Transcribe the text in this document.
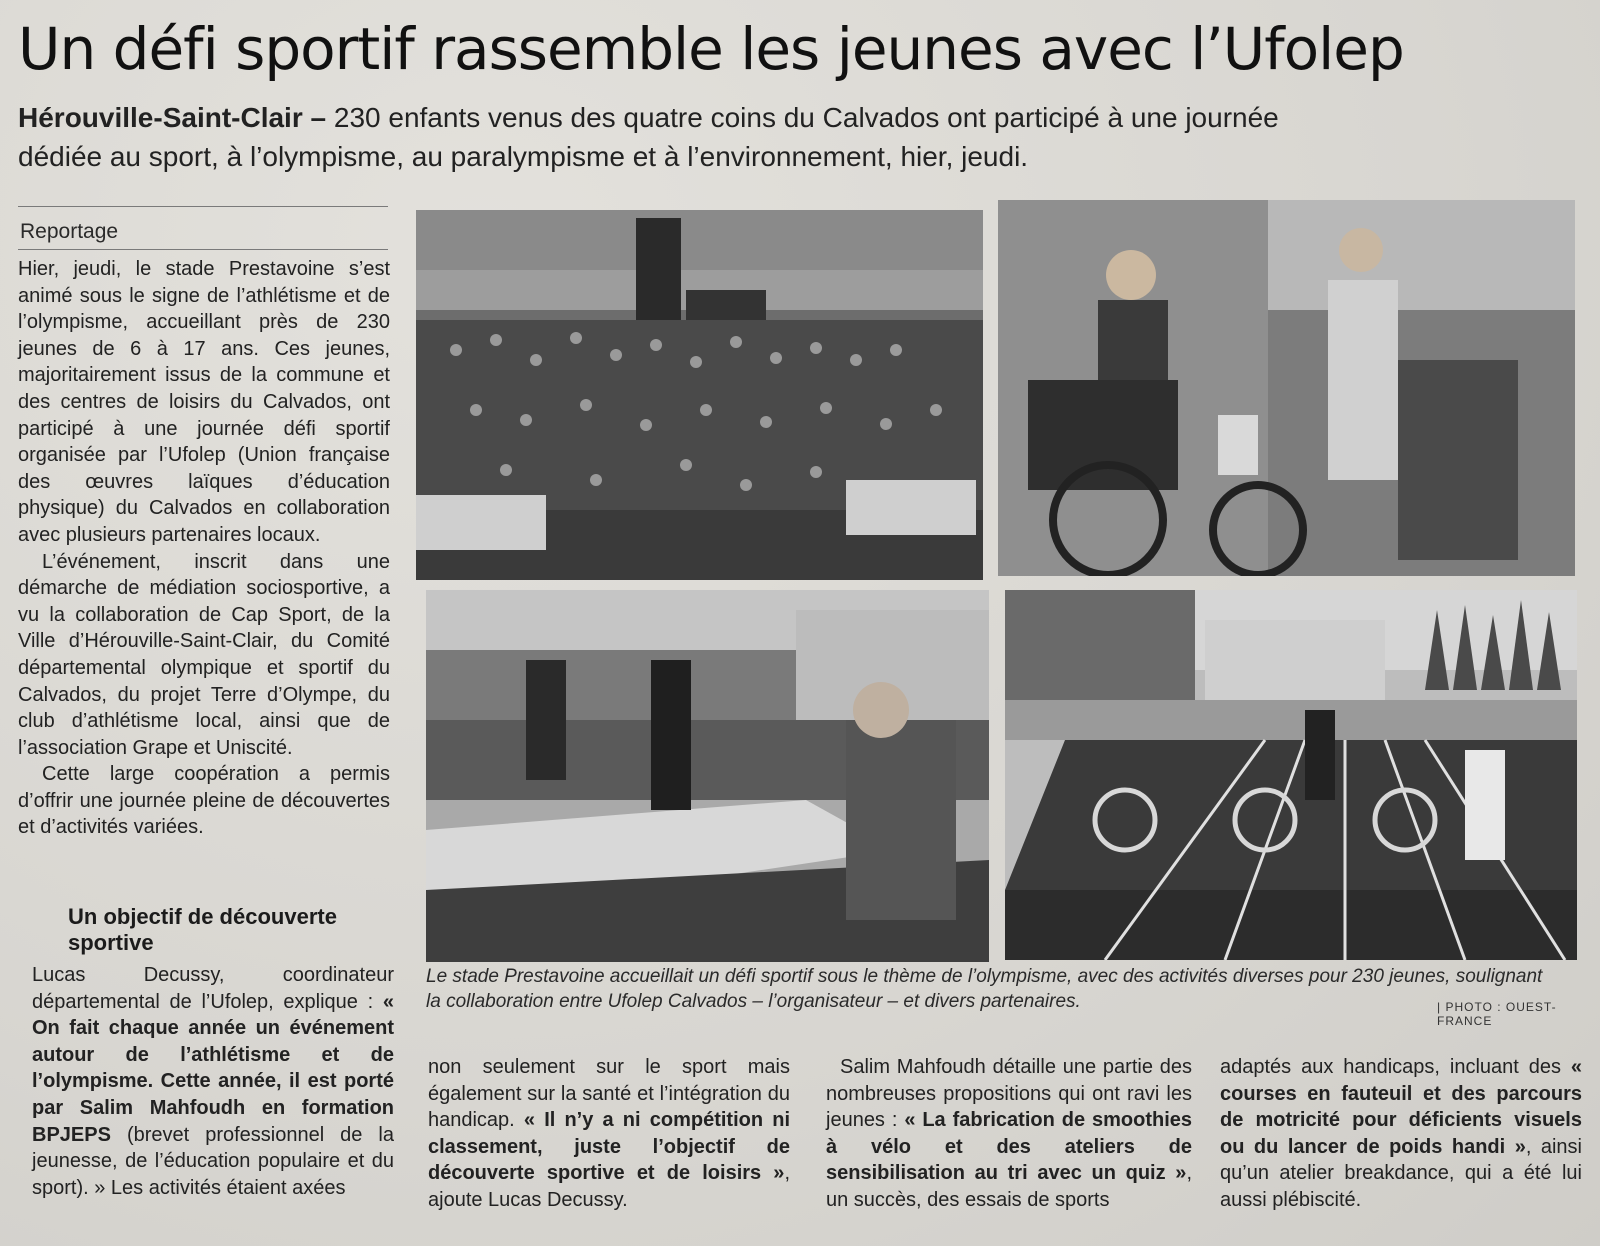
Un défi sportif rassemble les jeunes avec l’Ufolep
Hérouville-Saint-Clair – 230 enfants venus des quatre coins du Calvados ont participé à une journée dédiée au sport, à l’olympisme, au paralympisme et à l’environnement, hier, jeudi.
Reportage

Hier, jeudi, le stade Prestavoine s’est animé sous le signe de l’athlétisme et de l’olympisme, accueillant près de 230 jeunes de 6 à 17 ans. Ces jeunes, majoritairement issus de la commune et des centres de loisirs du Calvados, ont participé à une journée défi sportif organisée par l’Ufolep (Union française des œuvres laïques d’éducation physique) du Calvados en collaboration avec plusieurs partenaires locaux.

L’événement, inscrit dans une démarche de médiation sociosportive, a vu la collaboration de Cap Sport, de la Ville d’Hérouville-Saint-Clair, du Comité départemental olympique et sportif du Calvados, du projet Terre d’Olympe, du club d’athlétisme local, ainsi que de l’association Grape et Uniscité.

Cette large coopération a permis d’offrir une journée pleine de découvertes et d’activités variées.

Un objectif de découverte sportive

Lucas Decussy, coordinateur départemental de l’Ufolep, explique : « On fait chaque année un événement autour de l’athlétisme et de l’olympisme. Cette année, il est porté par Salim Mahfoudh en formation BPJEPS (brevet professionnel de la jeunesse, de l’éducation populaire et du sport). » Les activités étaient axées

Le stade Prestavoine accueillait un défi sportif sous le thème de l’olympisme, avec des activités diverses pour 230 jeunes, soulignant la collaboration entre Ufolep Calvados – l’organisateur – et divers partenaires.	| PHOTO : OUEST-FRANCE

non seulement sur le sport mais également sur la santé et l’intégration du handicap. « Il n’y a ni compétition ni classement, juste l’objectif de découverte sportive et de loisirs », ajoute Lucas Decussy.

Salim Mahfoudh détaille une partie des nombreuses propositions qui ont ravi les jeunes : « La fabrication de smoothies à vélo et des ateliers de sensibilisation au tri avec un quiz », un succès, des essais de sports

adaptés aux handicaps, incluant des « courses en fauteuil et des parcours de motricité pour déficients visuels ou du lancer de poids handi », ainsi qu’un atelier breakdance, qui a été lui aussi plébiscité.
